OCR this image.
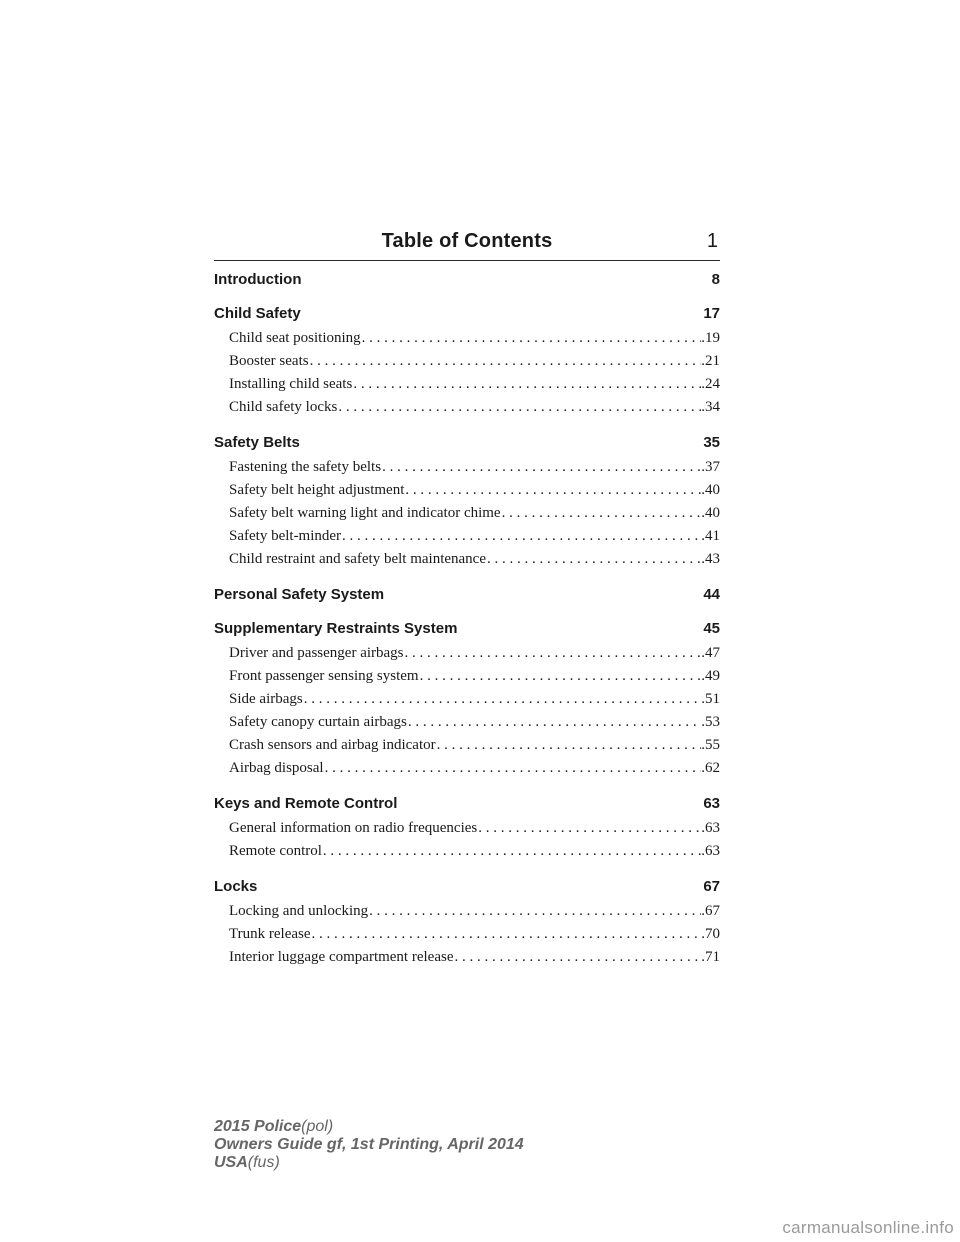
Table of Contents	1
Introduction	8
Child Safety	17
Child seat positioning . . .	.19
Booster seats . . .	.21
Installing child seats . . .	.24
Child safety locks . . .	.34
Safety Belts	35
Fastening the safety belts . . .	.37
Safety belt height adjustment . . .	.40
Safety belt warning light and indicator chime . . .	.40
Safety belt-minder . . .	.41
Child restraint and safety belt maintenance . . .	.43
Personal Safety System	44
Supplementary Restraints System	45
Driver and passenger airbags . . .	.47
Front passenger sensing system . . .	.49
Side airbags . . .	.51
Safety canopy curtain airbags . . .	.53
Crash sensors and airbag indicator . . .	.55
Airbag disposal . . .	.62
Keys and Remote Control	63
General information on radio frequencies . . .	.63
Remote control . . .	.63
Locks	67
Locking and unlocking . . .	.67
Trunk release . . .	.70
Interior luggage compartment release . . .	.71
2015 Police(pol)
Owners Guide gf, 1st Printing, April 2014
USA(fus)
carmanualsonline.info
